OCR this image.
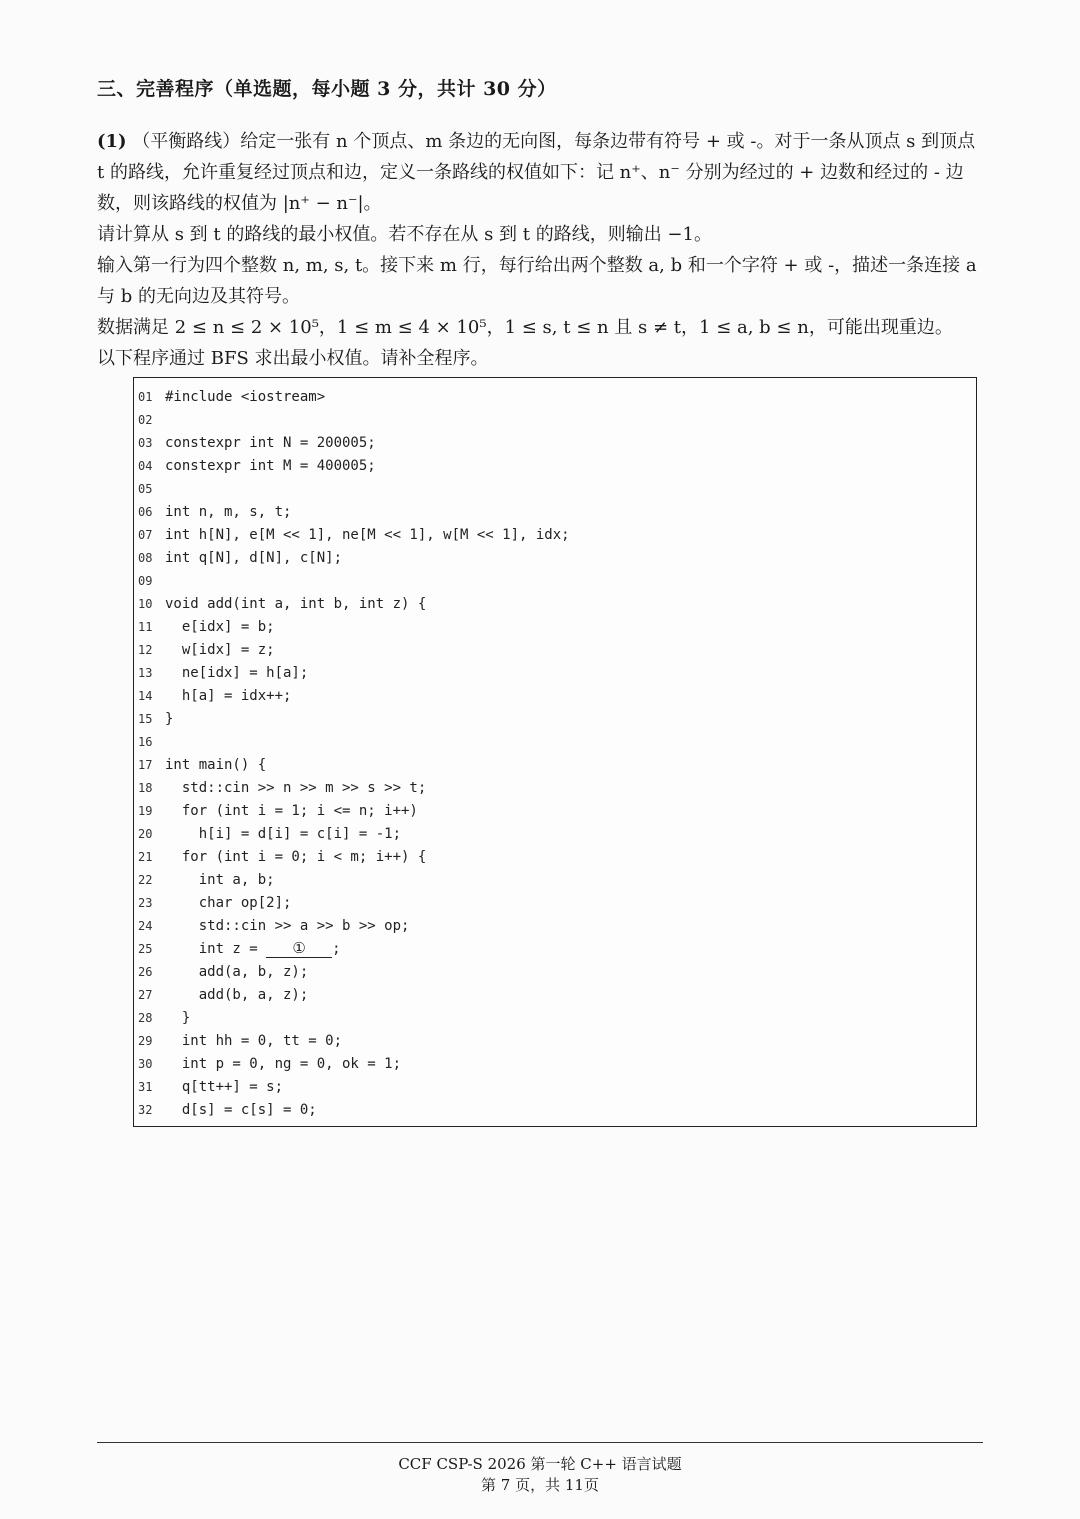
三、完善程序（单选题，每小题 3 分，共计 30 分）

(1) （平衡路线）给定一张有 n 个顶点、m 条边的无向图，每条边带有符号 + 或 -。对于一条从顶点 s 到顶点 t 的路线，允许重复经过顶点和边，定义一条路线的权值如下：记 n⁺、n⁻ 分别为经过的 + 边数和经过的 - 边数，则该路线的权值为 |n⁺ − n⁻|。

请计算从 s 到 t 的路线的最小权值。若不存在从 s 到 t 的路线，则输出 −1。

输入第一行为四个整数 n, m, s, t。接下来 m 行，每行给出两个整数 a, b 和一个字符 + 或 -，描述一条连接 a 与 b 的无向边及其符号。

数据满足 2 ≤ n ≤ 2 × 10⁵，1 ≤ m ≤ 4 × 10⁵，1 ≤ s, t ≤ n 且 s ≠ t，1 ≤ a, b ≤ n，可能出现重边。

以下程序通过 BFS 求出最小权值。请补全程序。

01 #include <iostream>
02
03 constexpr int N = 200005;
04 constexpr int M = 400005;
05
06 int n, m, s, t;
07 int h[N], e[M << 1], ne[M << 1], w[M << 1], idx;
08 int q[N], d[N], c[N];
09
10 void add(int a, int b, int z) {
11  e[idx] = b;
12  w[idx] = z;
13  ne[idx] = h[a];
14  h[a] = idx++;
15 }
16
17 int main() {
18  std::cin >> n >> m >> s >> t;
19  for (int i = 1; i <= n; i++)
20    h[i] = d[i] = c[i] = -1;
21  for (int i = 0; i < m; i++) {
22    int a, b;
23    char op[2];
24    std::cin >> a >> b >> op;
25    int z = ① ;
26    add(a, b, z);
27    add(b, a, z);
28  }
29  int hh = 0, tt = 0;
30  int p = 0, ng = 0, ok = 1;
31  q[tt++] = s;
32  d[s] = c[s] = 0;
CCF CSP-S 2026 第一轮 C++ 语言试题
第 7 页，共 11页
